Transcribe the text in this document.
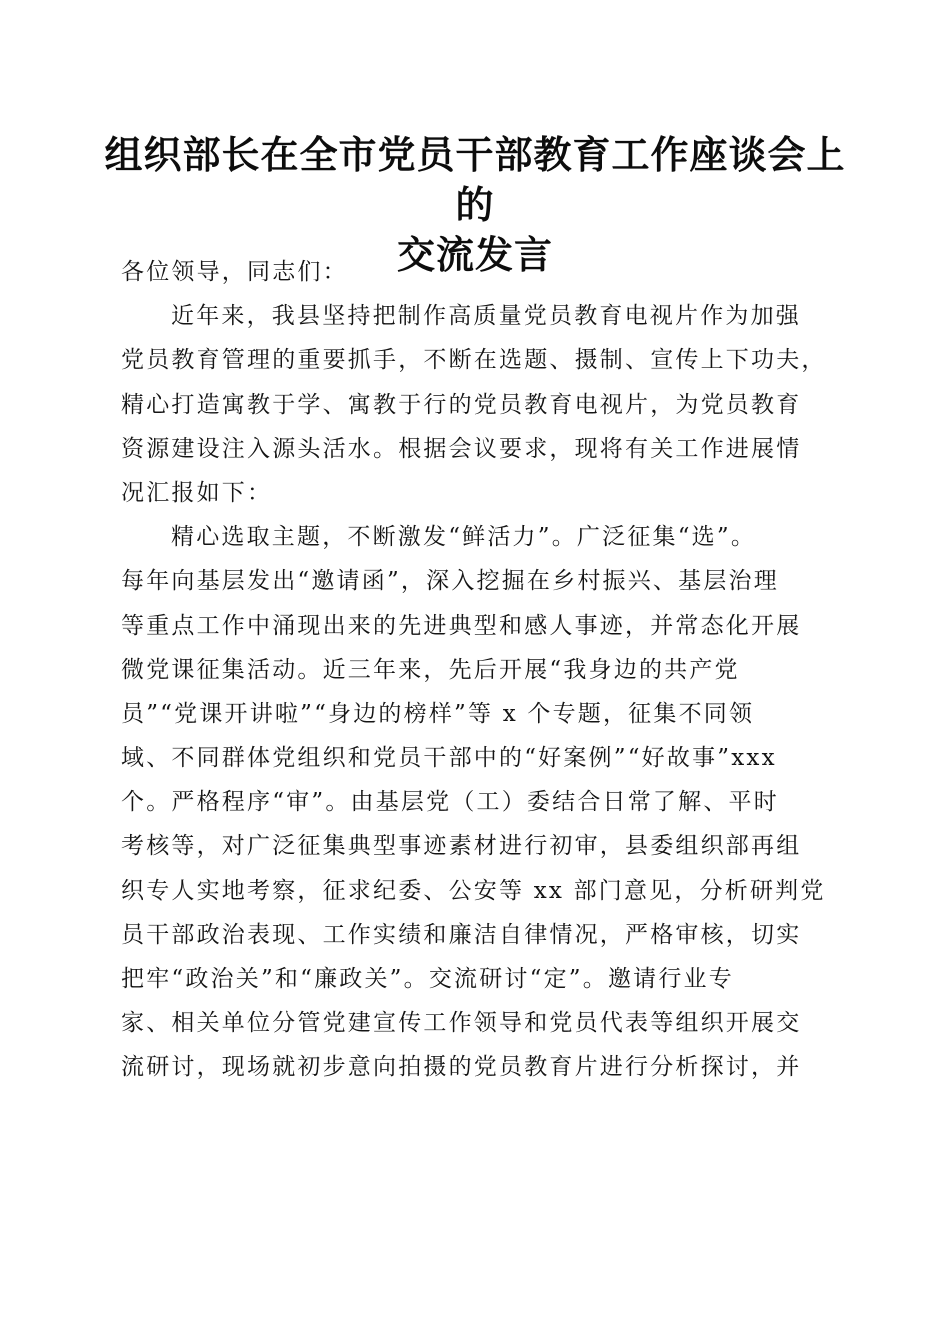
组织部长在全市党员干部教育工作座谈会上的
交流发言
各位领导，同志们：
近年来，我县坚持把制作高质量党员教育电视片作为加强
党员教育管理的重要抓手，不断在选题、摄制、宣传上下功夫，
精心打造寓教于学、寓教于行的党员教育电视片，为党员教育
资源建设注入源头活水。根据会议要求，现将有关工作进展情
况汇报如下：
精心选取主题，不断激发“鲜活力”。广泛征集“选”。
每年向基层发出“邀请函”，深入挖掘在乡村振兴、基层治理
等重点工作中涌现出来的先进典型和感人事迹，并常态化开展
微党课征集活动。近三年来，先后开展“我身边的共产党
员”“党课开讲啦”“身边的榜样”等 x 个专题，征集不同领
域、不同群体党组织和党员干部中的“好案例”“好故事”xxx
个。严格程序“审”。由基层党（工）委结合日常了解、平时
考核等，对广泛征集典型事迹素材进行初审，县委组织部再组
织专人实地考察，征求纪委、公安等 xx 部门意见，分析研判党
员干部政治表现、工作实绩和廉洁自律情况，严格审核，切实
把牢“政治关”和“廉政关”。交流研讨“定”。邀请行业专
家、相关单位分管党建宣传工作领导和党员代表等组织开展交
流研讨，现场就初步意向拍摄的党员教育片进行分析探讨，并
